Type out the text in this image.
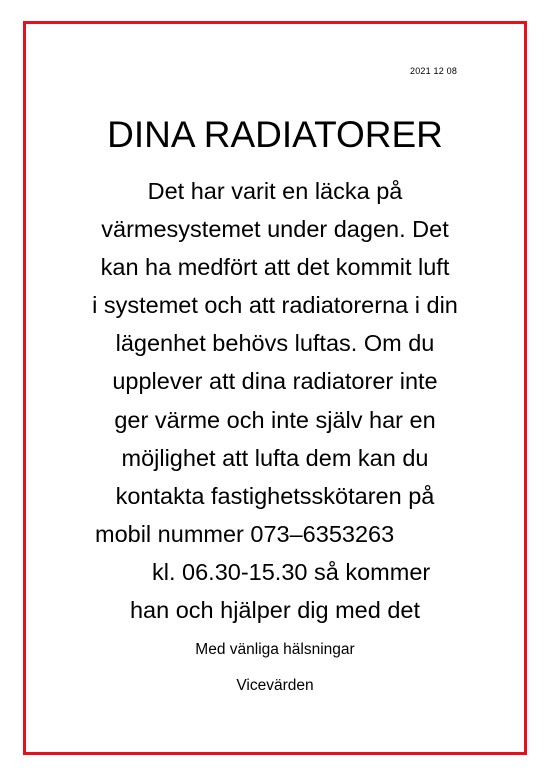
2021 12 08
DINA RADIATORER
Det har varit en läcka på
värmesystemet under dagen. Det
kan ha medfört att det kommit luft
i systemet och att radiatorerna i din
lägenhet behövs luftas. Om du
upplever att dina radiatorer inte
ger värme och inte själv har en
möjlighet att lufta dem kan du
kontakta fastighetsskötaren på
mobil nummer 073–6353263
kl. 06.30-15.30 så kommer
han och hjälper dig med det
Med vänliga hälsningar
Vicevärden
